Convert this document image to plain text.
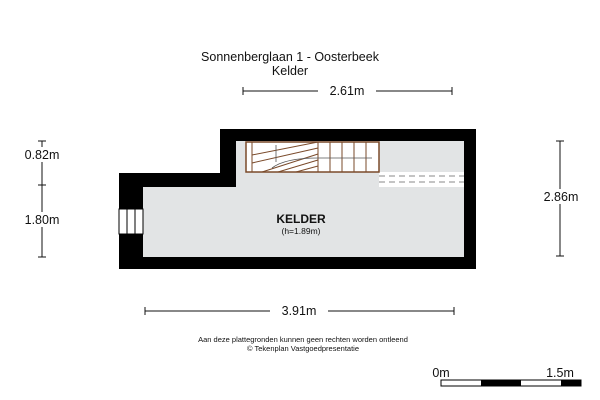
Sonnenberglaan 1 - Oosterbeek
Kelder
2.61m
0.82m
1.80m
2.86m
KELDER
(h=1.89m)
3.91m
Aan deze plattegronden kunnen geen rechten worden ontleend
© Tekenplan Vastgoedpresentatie
0m	1.5m
